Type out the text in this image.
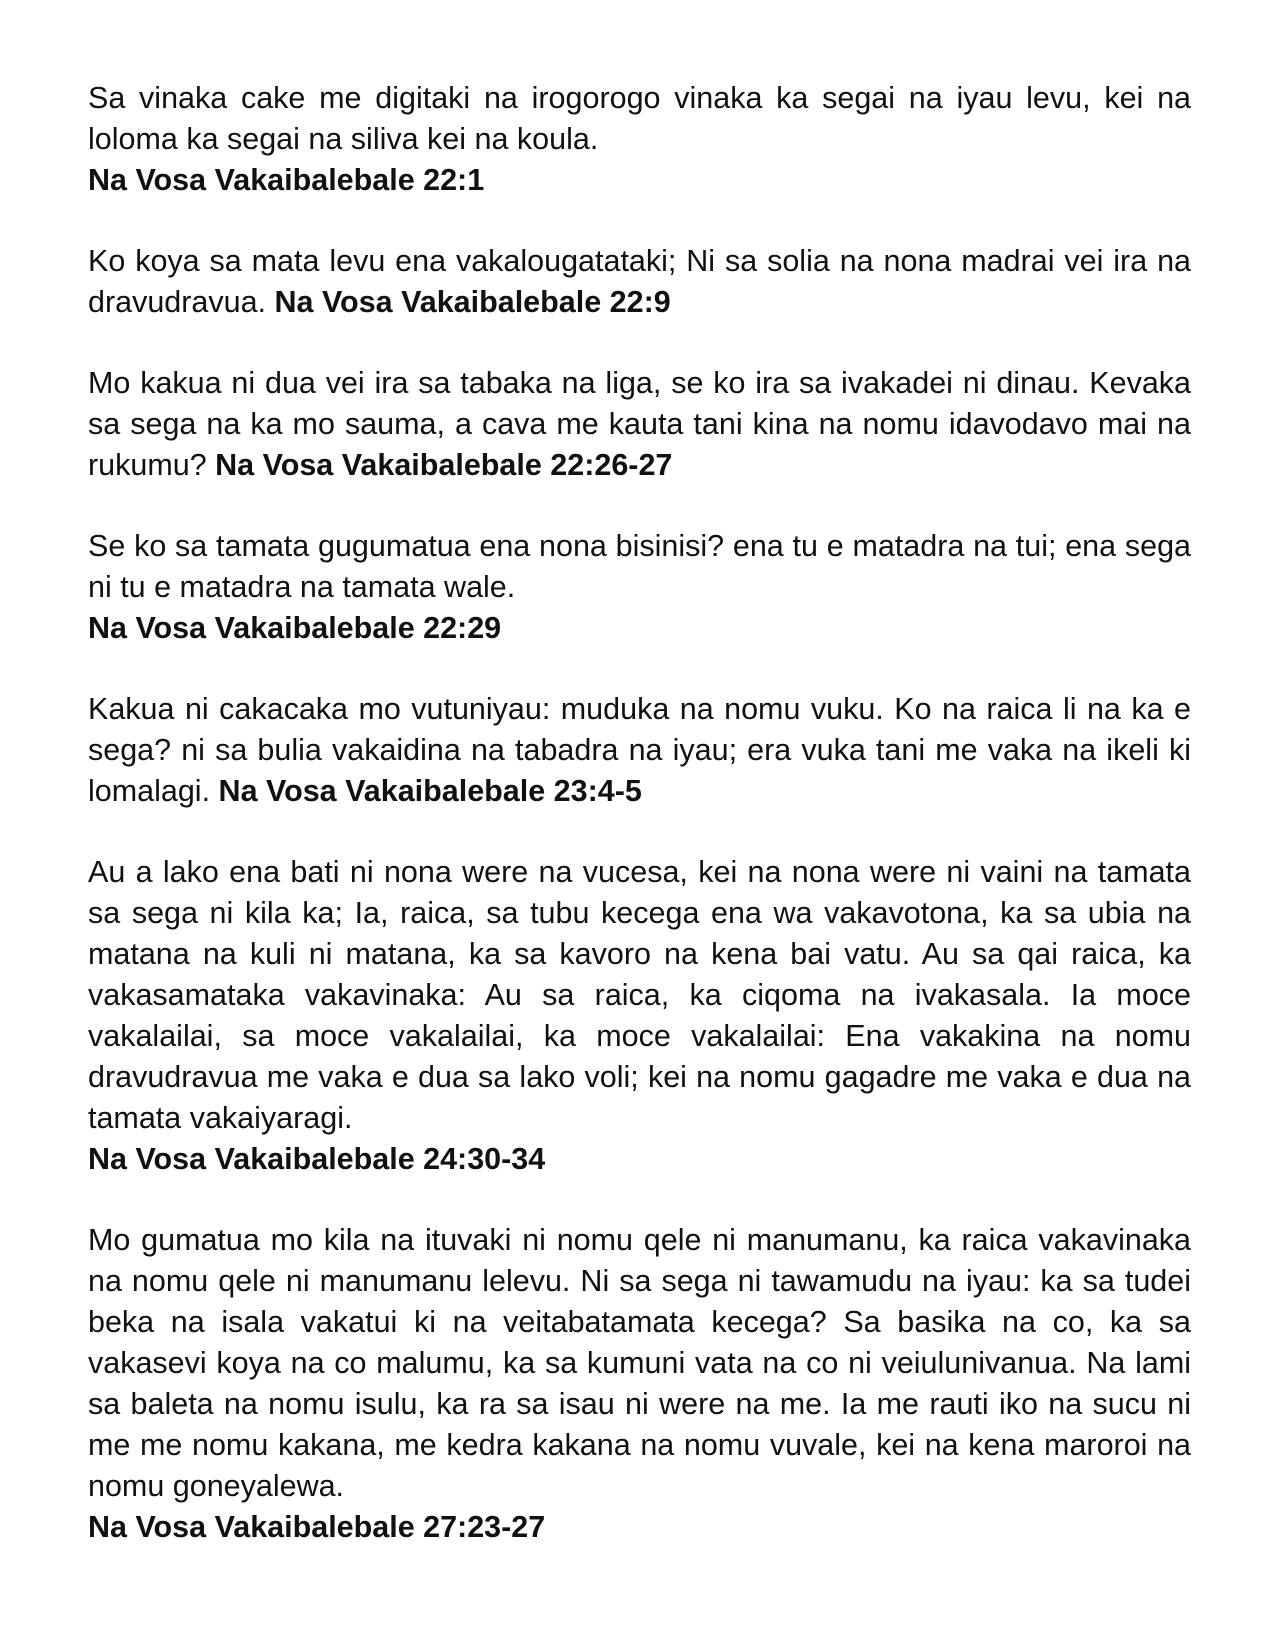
Sa vinaka cake me digitaki na irogorogo vinaka ka segai na iyau levu, kei na loloma ka segai na siliva kei na koula.
Na Vosa Vakaibalebale 22:1

Ko koya sa mata levu ena vakalougatataki; Ni sa solia na nona madrai vei ira na dravudravua. Na Vosa Vakaibalebale 22:9

Mo kakua ni dua vei ira sa tabaka na liga, se ko ira sa ivakadei ni dinau. Kevaka sa sega na ka mo sauma, a cava me kauta tani kina na nomu idavodavo mai na rukumu? Na Vosa Vakaibalebale 22:26-27

Se ko sa tamata gugumatua ena nona bisinisi? ena tu e matadra na tui; ena sega ni tu e matadra na tamata wale.
Na Vosa Vakaibalebale 22:29

Kakua ni cakacaka mo vutuniyau: muduka na nomu vuku. Ko na raica li na ka e sega? ni sa bulia vakaidina na tabadra na iyau; era vuka tani me vaka na ikeli ki lomalagi. Na Vosa Vakaibalebale 23:4-5

Au a lako ena bati ni nona were na vucesa, kei na nona were ni vaini na tamata sa sega ni kila ka; Ia, raica, sa tubu kecega ena wa vakavotona, ka sa ubia na matana na kuli ni matana, ka sa kavoro na kena bai vatu. Au sa qai raica, ka vakasamataka vakavinaka: Au sa raica, ka ciqoma na ivakasala. Ia moce vakalailai, sa moce vakalailai, ka moce vakalailai: Ena vakakina na nomu dravudravua me vaka e dua sa lako voli; kei na nomu gagadre me vaka e dua na tamata vakaiyaragi.
Na Vosa Vakaibalebale 24:30-34

Mo gumatua mo kila na ituvaki ni nomu qele ni manumanu, ka raica vakavinaka na nomu qele ni manumanu lelevu. Ni sa sega ni tawamudu na iyau: ka sa tudei beka na isala vakatui ki na veitabatamata kecega? Sa basika na co, ka sa vakasevi koya na co malumu, ka sa kumuni vata na co ni veiulunivanua. Na lami sa baleta na nomu isulu, ka ra sa isau ni were na me. Ia me rauti iko na sucu ni me me nomu kakana, me kedra kakana na nomu vuvale, kei na kena maroroi na nomu goneyalewa.
Na Vosa Vakaibalebale 27:23-27
